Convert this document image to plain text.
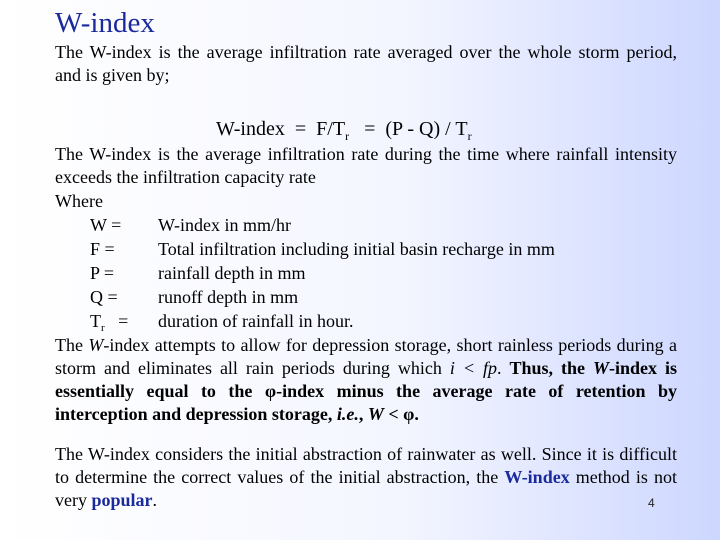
W-index

The W-index is the average infiltration rate averaged over the whole storm period, and is given by;

W-index = $F/T_r = (P - Q) / T_r$

The W-index is the average infiltration rate during the time where rainfall intensity exceeds the infiltration capacity rate

Where
W = W-index in mm/hr
F = Total infiltration including initial basin recharge in mm
P = rainfall depth in mm
Q = runoff depth in mm
$T_r$ = duration of rainfall in hour.

The W-index attempts to allow for depression storage, short rainless periods during a storm and eliminates all rain periods during which i < fp. Thus, the W-index is essentially equal to the φ-index minus the average rate of retention by interception and depression storage, i.e., W < φ.

The W-index considers the initial abstraction of rainwater as well. Since it is difficult to determine the correct values of the initial abstraction, the W-index method is not very popular.	4
